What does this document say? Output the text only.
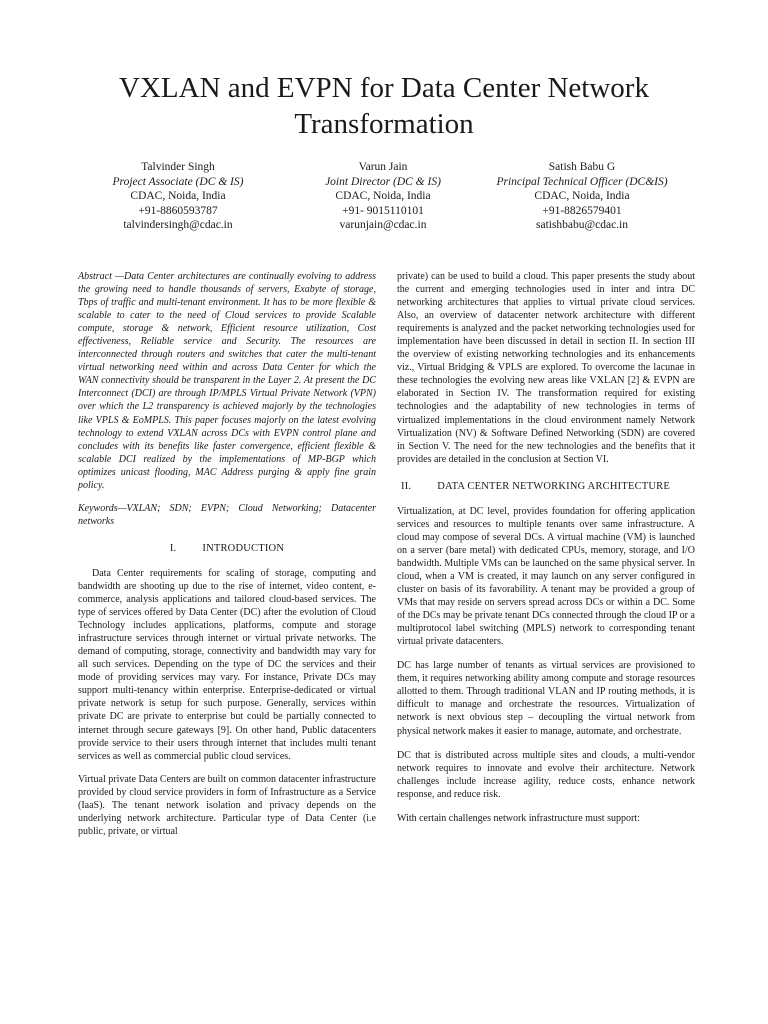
VXLAN and EVPN for Data Center Network
Transformation
Talvinder Singh
Project Associate (DC & IS)
CDAC, Noida, India
+91-8860593787
talvindersingh@cdac.in
Varun Jain
Joint Director (DC & IS)
CDAC, Noida, India
+91- 9015110101
varunjain@cdac.in
Satish Babu G
Principal Technical Officer (DC&IS)
CDAC, Noida, India
+91-8826579401
satishbabu@cdac.in

Abstract —Data Center architectures are continually evolving to address the growing need to handle thousands of servers, Exabyte of storage, Tbps of traffic and multi-tenant environment. It has to be more flexible & scalable to cater to the need of Cloud services to provide Scalable compute, storage & network, Efficient resource utilization, Cost effectiveness, Reliable service and Security. The resources are interconnected through routers and switches that cater the multi-tenant virtual networking need within and across Data Center for which the WAN connectivity should be transparent in the Layer 2. At present the DC Interconnect (DCI) are through IP/MPLS Virtual Private Network (VPN) over which the L2 transparency is achieved majorly by the technologies like VPLS & EoMPLS. This paper focuses majorly on the latest evolving technology to extend VXLAN across DCs with EVPN control plane and concludes with its benefits like faster convergence, efficient flexible & scalable DCI realized by the implementations of MP-BGP which optimizes unicast flooding, MAC Address purging & apply fine grain policy.

Keywords—VXLAN; SDN; EVPN; Cloud Networking; Datacenter networks

I. INTRODUCTION

Data Center requirements for scaling of storage, computing and bandwidth are shooting up due to the rise of internet, video content, e-commerce, analysis applications and tailored cloud-based services. The type of services offered by Data Center (DC) after the evolution of Cloud Technology includes applications, platforms, compute and storage infrastructure services through internet or virtual private networks. The demand of computing, storage, connectivity and bandwidth may vary for all such services. Depending on the type of DC the services and their mode of providing services may vary. For instance, Private DCs may support multi-tenancy within enterprise. Enterprise-dedicated or virtual private network is setup for such purpose. Generally, services within private DC are private to enterprise but could be partially connected to internet through secure gateways [9]. On other hand, Public datacenters provide service to their users through internet that includes multi tenant services as well as commercial public cloud services.

Virtual private Data Centers are built on common datacenter infrastructure provided by cloud service providers in form of Infrastructure as a Service (IaaS). The tenant network isolation and privacy depends on the underlying network architecture. Particular type of Data Center (i.e public, private, or virtual

private) can be used to build a cloud. This paper presents the study about the current and emerging technologies used in inter and intra DC networking architectures that applies to virtual private cloud services. Also, an overview of datacenter network architecture with different requirements is analyzed and the packet networking technologies used for implementation have been discussed in detail in section II. In section III the overview of existing networking technologies and its enhancements viz., Virtual Bridging & VPLS are explored. To overcome the lacunae in these technologies the evolving new areas like VXLAN [2] & EVPN are elaborated in Section IV. The transformation required for existing technologies and the adaptability of new technologies in terms of virtualized implementations in the cloud environment namely Network Virtualization (NV) & Software Defined Networking (SDN) are covered in Section V. The need for the new technologies and the benefits that it provides are detailed in the conclusion at Section VI.

II. DATA CENTER NETWORKING ARCHITECTURE

Virtualization, at DC level, provides foundation for offering application services and resources to multiple tenants over same infrastructure. A cloud may compose of several DCs. A virtual machine (VM) is launched on a server (bare metal) with dedicated CPUs, memory, storage, and I/O bandwidth. Multiple VMs can be launched on the same physical server. In cloud, when a VM is created, it may launch on any server configured in cluster on basis of its favorability. A tenant may be provided a group of VMs that may reside on servers spread across DCs or within a DC. Some of the DCs may be private tenant DCs connected through the cloud IP or a multiprotocol label switching (MPLS) network to corresponding tenant virtual private datacenters.

DC has large number of tenants as virtual services are provisioned to them, it requires networking ability among compute and storage resources allotted to them. Through traditional VLAN and IP routing methods, it is difficult to manage and orchestrate the resources. Virtualization of network is next obvious step – decoupling the virtual network from physical network makes it easier to manage, automate, and orchestrate.

DC that is distributed across multiple sites and clouds, a multi-vendor network requires to innovate and evolve their architecture. Network challenges include increase agility, reduce costs, enhance network response, and reduce risk.

With certain challenges network infrastructure must support:
